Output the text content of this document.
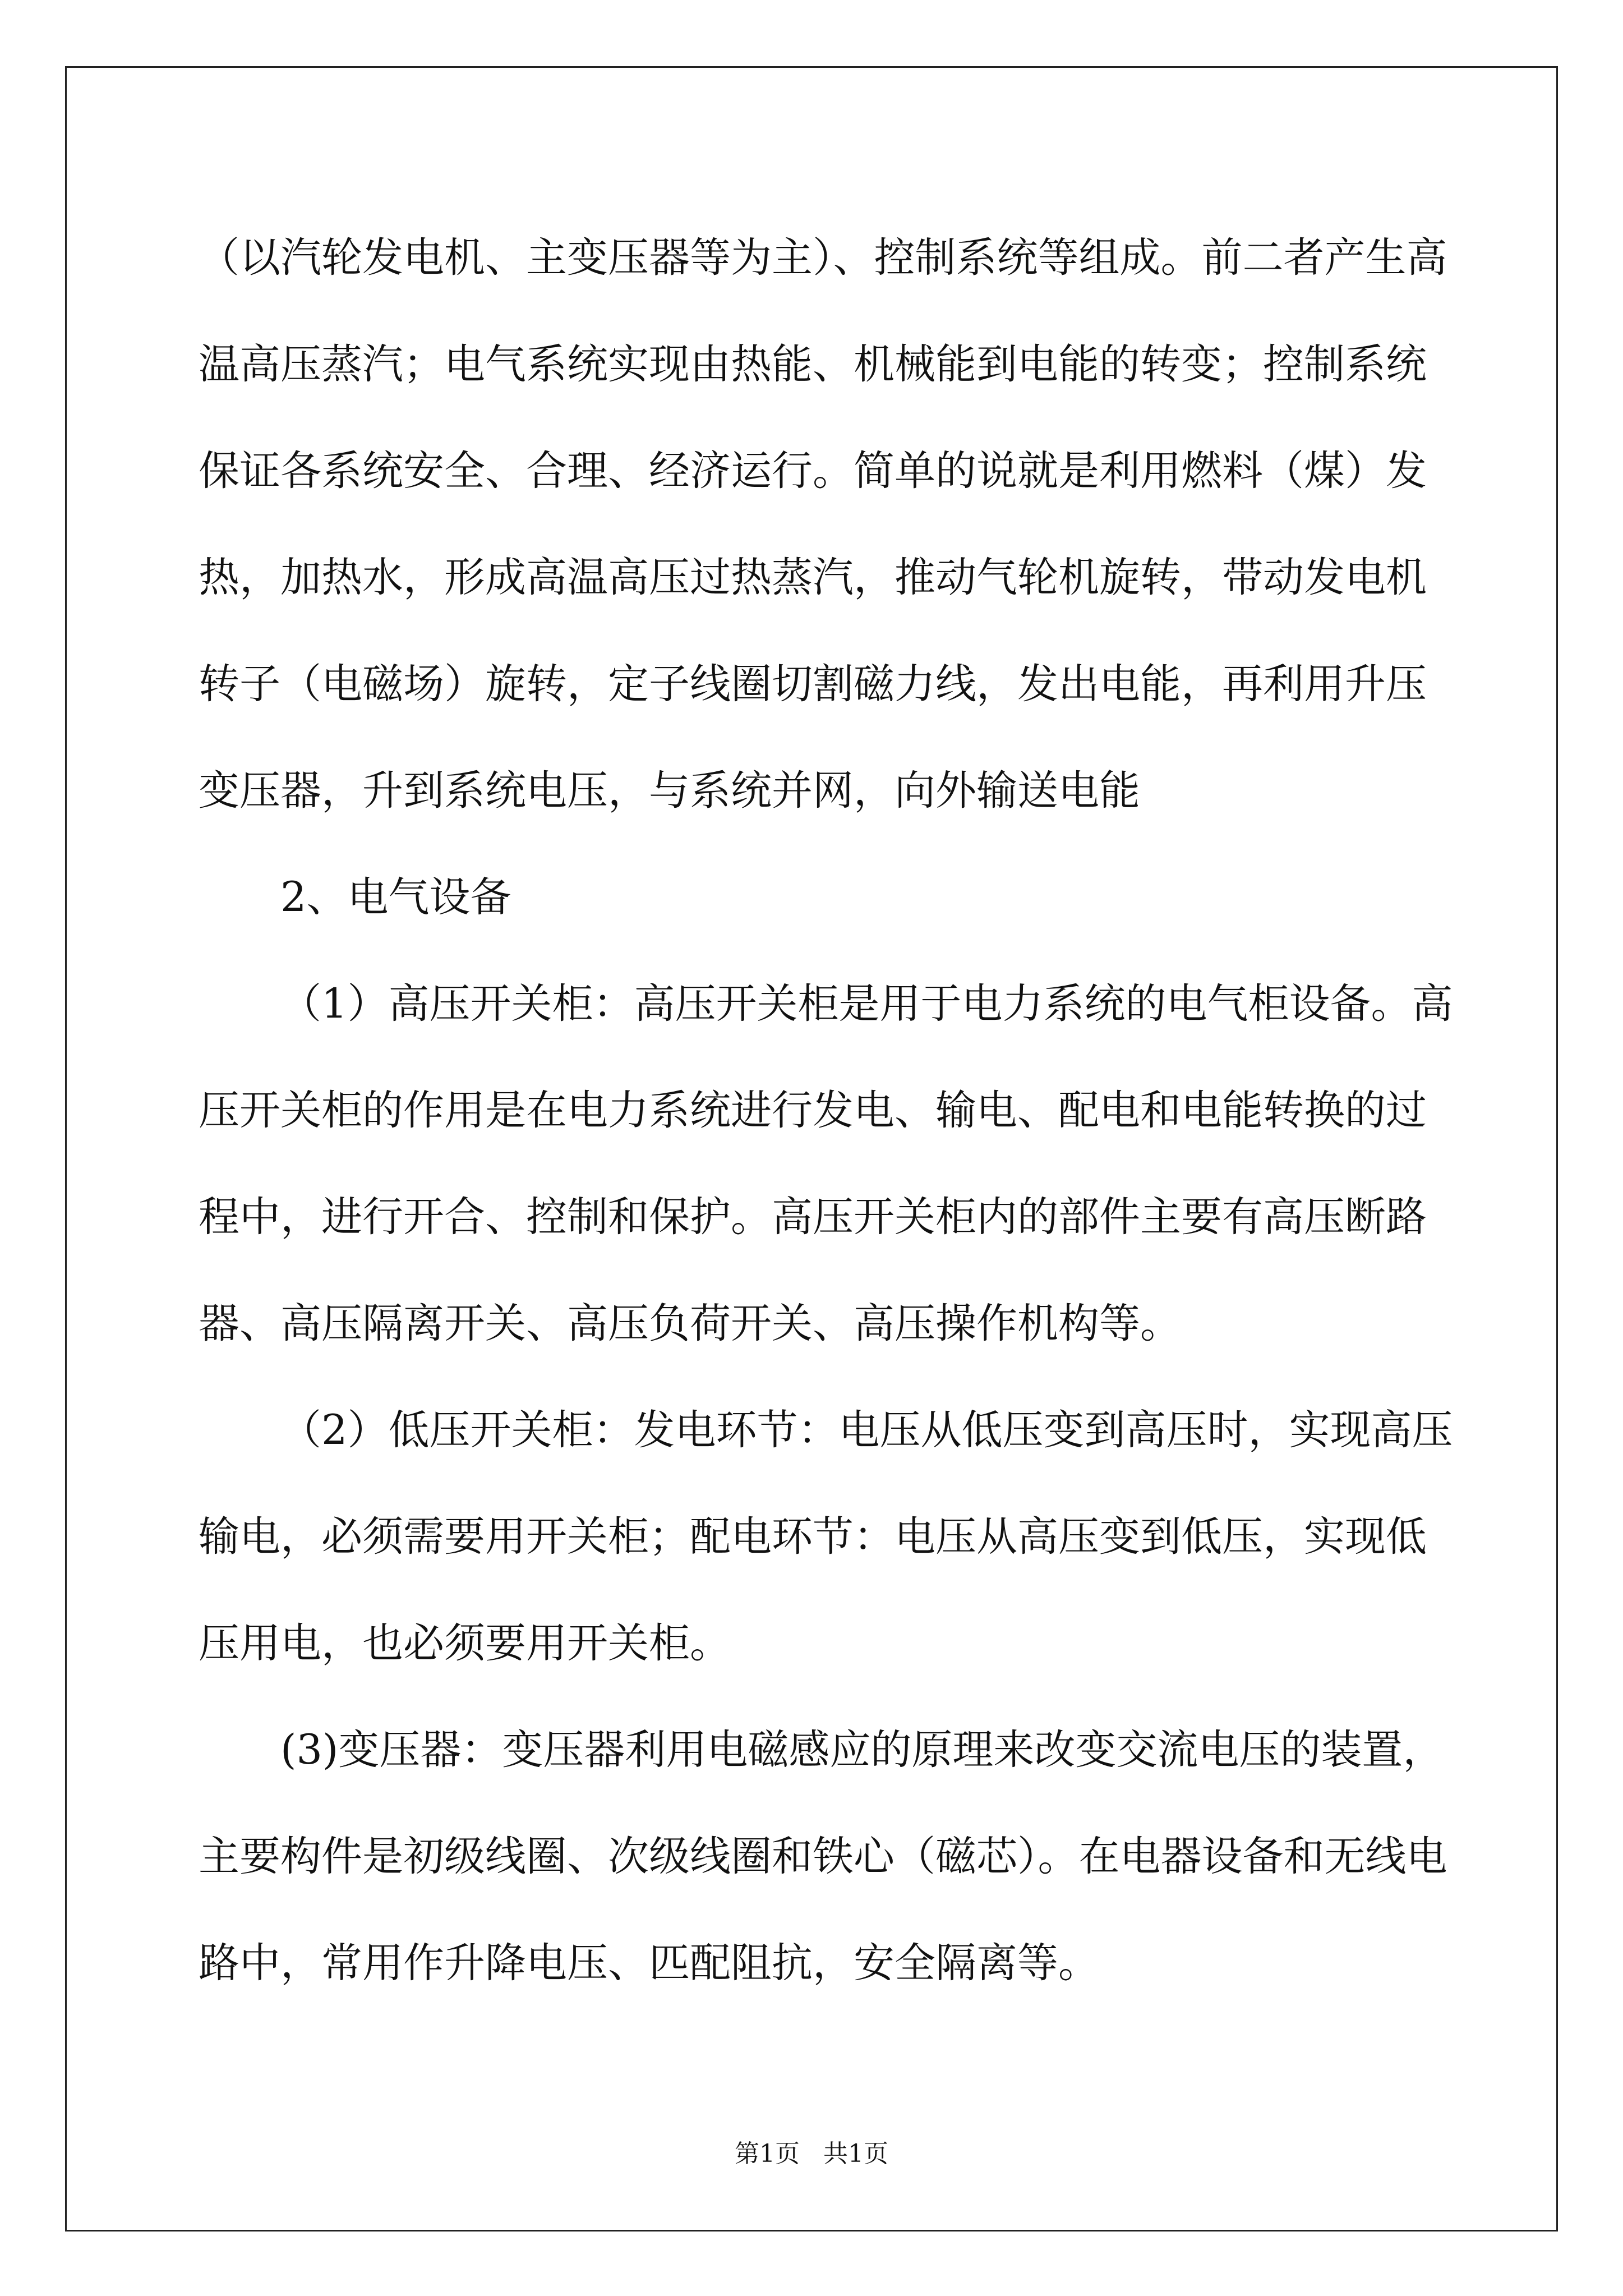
（以汽轮发电机、主变压器等为主）、控制系统等组成。前二者产生高
温高压蒸汽；电气系统实现由热能、机械能到电能的转变；控制系统
保证各系统安全、合理、经济运行。简单的说就是利用燃料（煤）发
热，加热水，形成高温高压过热蒸汽，推动气轮机旋转，带动发电机
转子（电磁场）旋转，定子线圈切割磁力线，发出电能，再利用升压
变压器，升到系统电压，与系统并网，向外输送电能
2、电气设备
（1）高压开关柜：高压开关柜是用于电力系统的电气柜设备。高
压开关柜的作用是在电力系统进行发电、输电、配电和电能转换的过
程中，进行开合、控制和保护。高压开关柜内的部件主要有高压断路
器、高压隔离开关、高压负荷开关、高压操作机构等。
（2）低压开关柜：发电环节：电压从低压变到高压时，实现高压
输电，必须需要用开关柜；配电环节：电压从高压变到低压，实现低
压用电，也必须要用开关柜。
(3)变压器：变压器利用电磁感应的原理来改变交流电压的装置，
主要构件是初级线圈、次级线圈和铁心（磁芯）。在电器设备和无线电
路中，常用作升降电压、匹配阻抗，安全隔离等。
第1页   共1页
